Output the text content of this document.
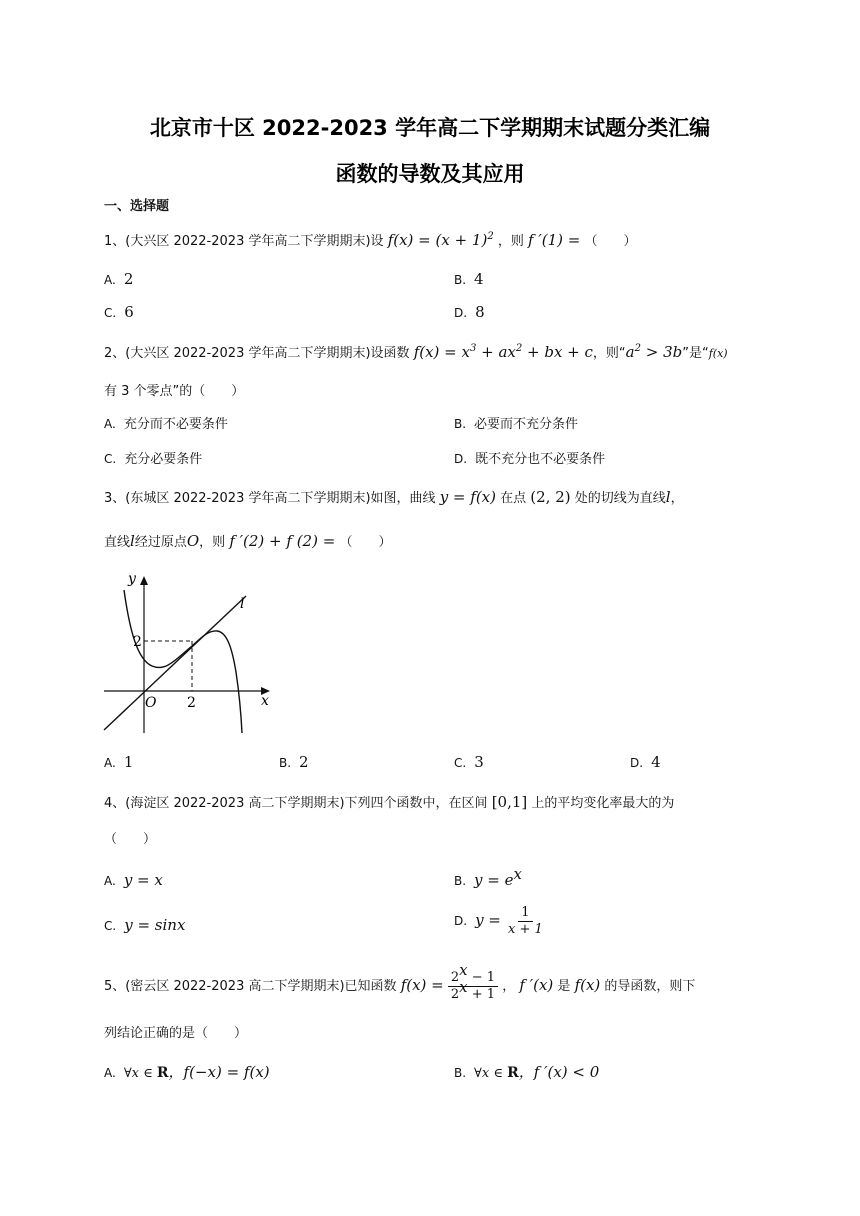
北京市十区 2022-2023 学年高二下学期期末试题分类汇编
函数的导数及其应用
一、选择题
1、(大兴区 2022-2023 学年高二下学期期末)设 $f(x) = (x + 1)^2$ ，则 f ′(1) = （　　）
A. 2	B. 4
C. 6	D. 8
2、(大兴区 2022-2023 学年高二下学期期末)设函数 $f(x) = x^3 + ax^2$ + bx + c，则“$a^2 > 3b$”是“f(x)
有 3 个零点”的（　　）
A. 充分而不必要条件	B. 必要而不充分条件
C. 充分必要条件	D. 既不充分也不必要条件
3、(东城区 2022-2023 学年高二下学期期末)如图，曲线 y = f(x) 在点 (2, 2) 处的切线为直线l，
直线l经过原点O，则 f ′(2) + f (2) = （　　）
y
x
l
O 2
2
A. 1	B. 2	C. 3	D. 4
4、(海淀区 2022-2023 高二下学期期末)下列四个函数中，在区间 [0,1] 上的平均变化率最大的为
（　　）
A. y = x	B. $y = e^x$
C. y = sinx	D. $y = \frac{1}{x + 1}$
5、(密云区 2022-2023 高二下学期期末)已知函数 $f(x) = \frac{2^x - 1}{2^x + 1}$ ， f ′(x) 是 f(x) 的导函数，则下
列结论正确的是（　　）
A. ∀x ∈ R，f(−x) = f(x)	B. ∀x ∈ R，f ′(x) < 0
